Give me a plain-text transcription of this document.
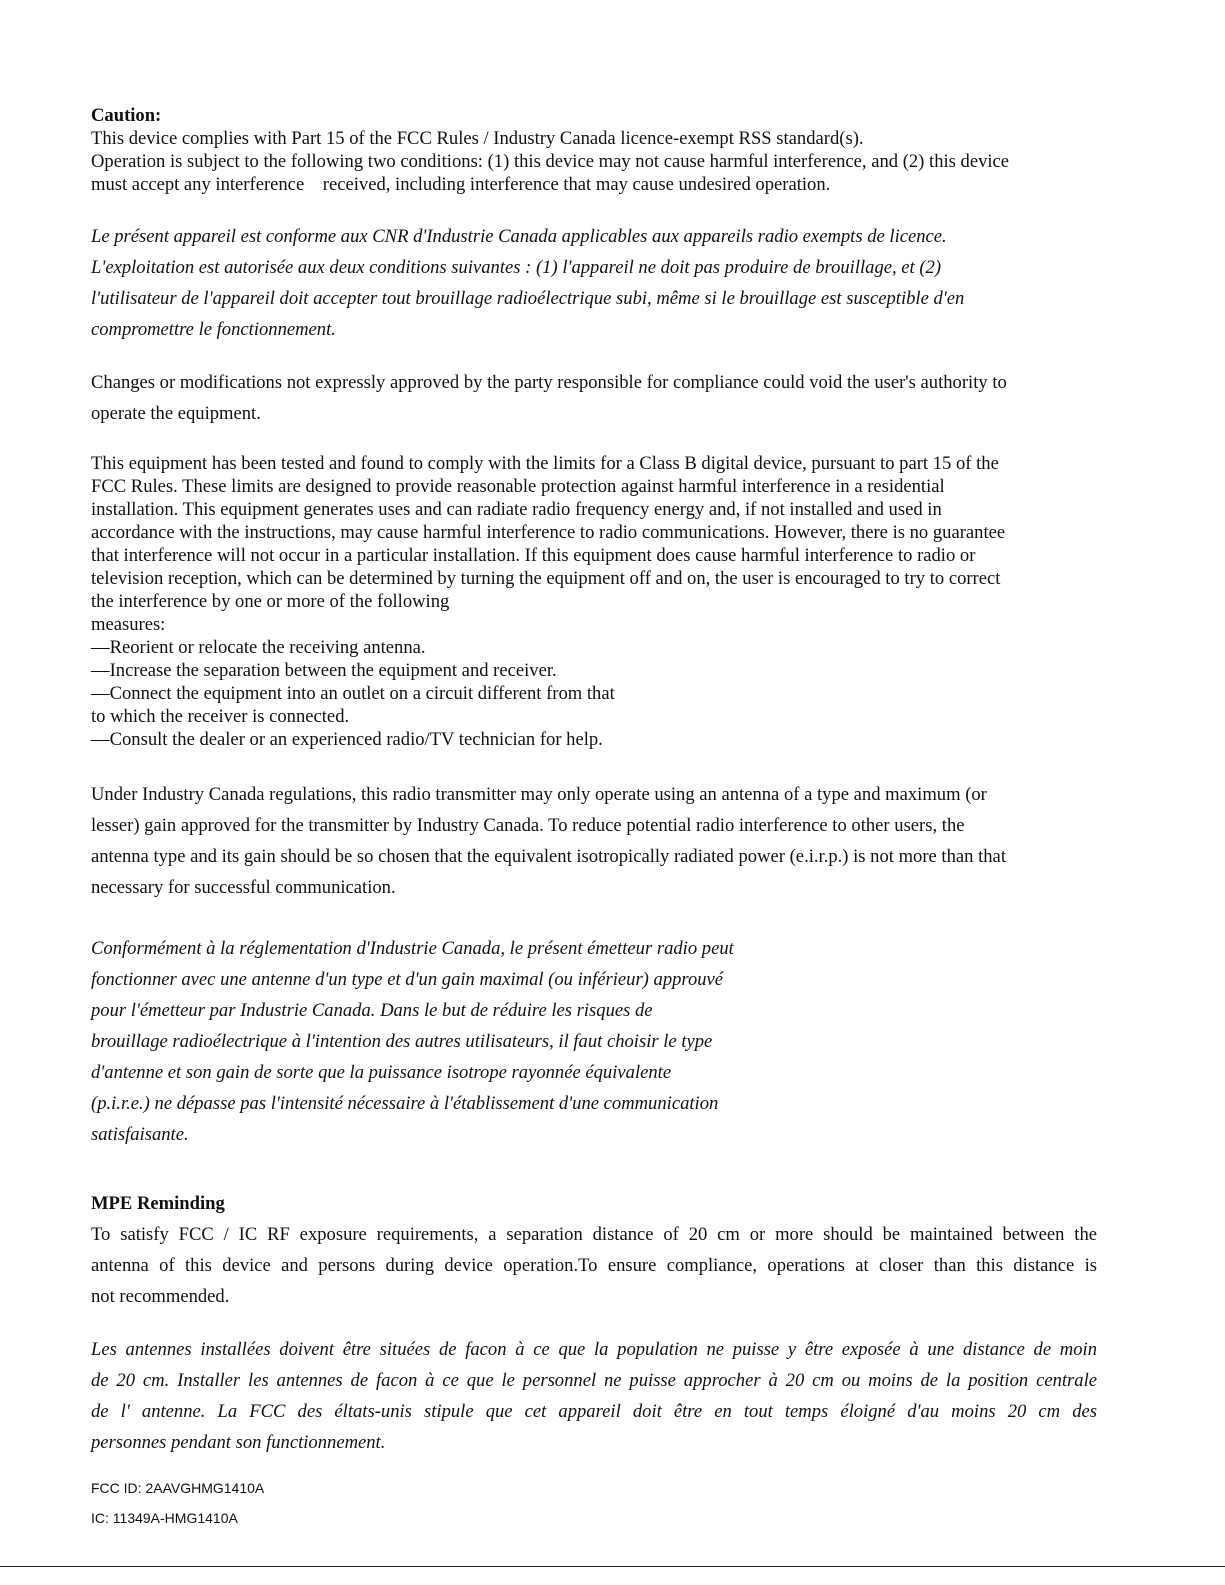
Caution:
This device complies with Part 15 of the FCC Rules / Industry Canada licence-exempt RSS standard(s).
Operation is subject to the following two conditions: (1) this device may not cause harmful interference, and (2) this device
must accept any interference    received, including interference that may cause undesired operation.
Le présent appareil est conforme aux CNR d'Industrie Canada applicables aux appareils radio exempts de licence.
L'exploitation est autorisée aux deux conditions suivantes : (1) l'appareil ne doit pas produire de brouillage, et (2)
l'utilisateur de l'appareil doit accepter tout brouillage radioélectrique subi, même si le brouillage est susceptible d'en
compromettre le fonctionnement.
Changes or modifications not expressly approved by the party responsible for compliance could void the user's authority to
operate the equipment.
This equipment has been tested and found to comply with the limits for a Class B digital device, pursuant to part 15 of the
FCC Rules. These limits are designed to provide reasonable protection against harmful interference in a residential
installation. This equipment generates uses and can radiate radio frequency energy and, if not installed and used in
accordance with the instructions, may cause harmful interference to radio communications. However, there is no guarantee
that interference will not occur in a particular installation. If this equipment does cause harmful interference to radio or
television reception, which can be determined by turning the equipment off and on, the user is encouraged to try to correct
the interference by one or more of the following
measures:
—Reorient or relocate the receiving antenna.
—Increase the separation between the equipment and receiver.
—Connect the equipment into an outlet on a circuit different from that
to which the receiver is connected.
—Consult the dealer or an experienced radio/TV technician for help.
Under Industry Canada regulations, this radio transmitter may only operate using an antenna of a type and maximum (or
lesser) gain approved for the transmitter by Industry Canada. To reduce potential radio interference to other users, the
antenna type and its gain should be so chosen that the equivalent isotropically radiated power (e.i.r.p.) is not more than that
necessary for successful communication.
Conformément à la réglementation d'Industrie Canada, le présent émetteur radio peut
fonctionner avec une antenne d'un type et d'un gain maximal (ou inférieur) approuvé
pour l'émetteur par Industrie Canada. Dans le but de réduire les risques de
brouillage radioélectrique à l'intention des autres utilisateurs, il faut choisir le type
d'antenne et son gain de sorte que la puissance isotrope rayonnée équivalente
(p.i.r.e.) ne dépasse pas l'intensité nécessaire à l'établissement d'une communication
satisfaisante.
MPE Reminding
To satisfy FCC / IC RF exposure requirements, a separation distance of 20 cm or more should be maintained between the
antenna of this device and persons during device operation.To ensure compliance, operations at closer than this distance is
not recommended.
Les antennes installées doivent être situées de facon à ce que la population ne puisse y être exposée à une distance de moin
de 20 cm. Installer les antennes de facon à ce que le personnel ne puisse approcher à 20 cm ou moins de la position centrale
de l' antenne. La FCC des éltats-unis stipule que cet appareil doit être en tout temps éloigné d'au moins 20 cm des
personnes pendant son functionnement.
FCC ID: 2AAVGHMG1410A
IC: 11349A-HMG1410A
